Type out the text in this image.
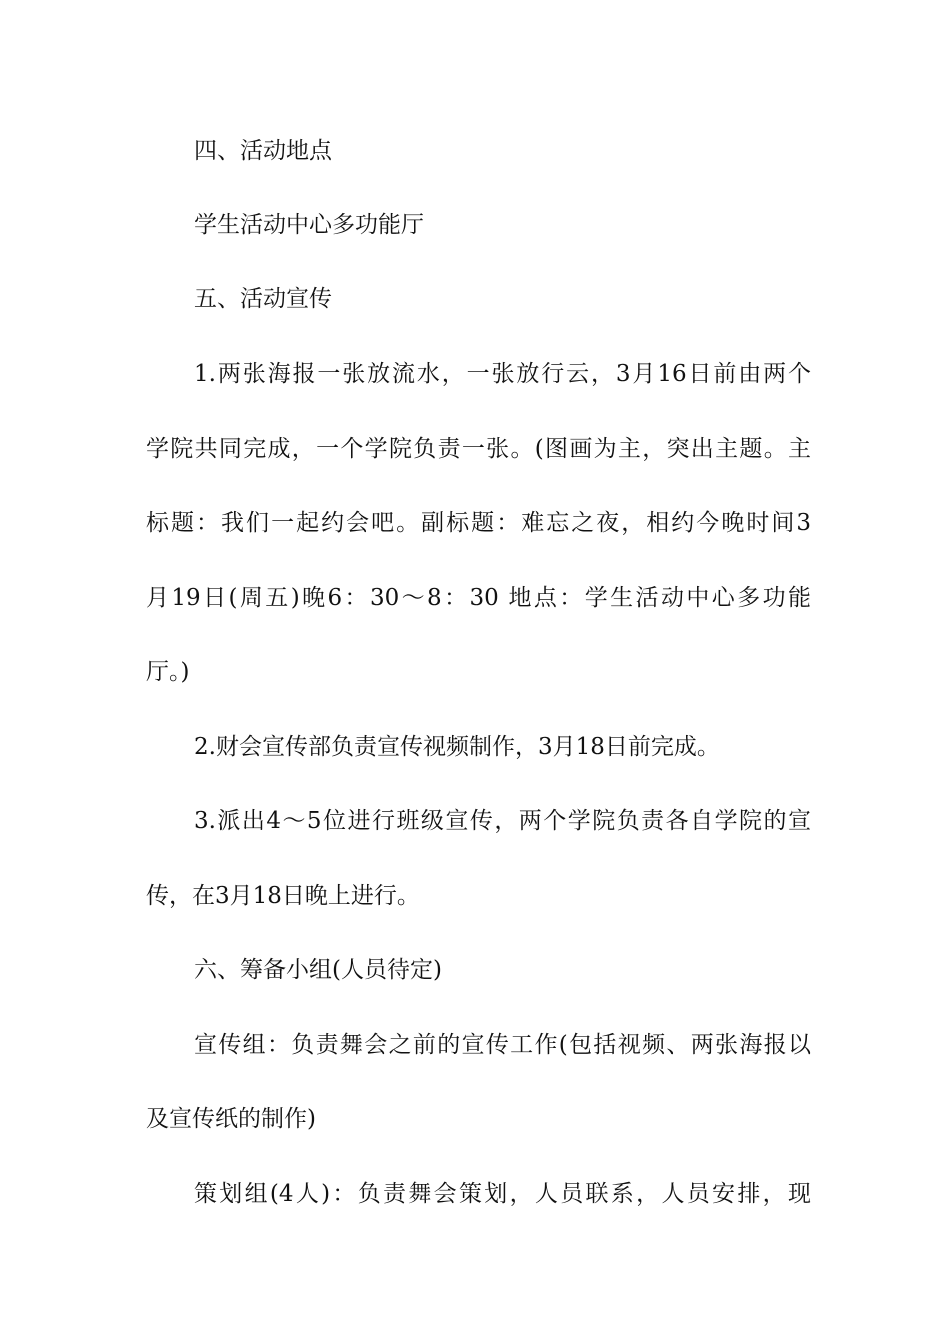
四、活动地点
学生活动中心多功能厅
五、活动宣传
1.两张海报一张放流水，一张放行云，3月16日前由两个
学院共同完成，一个学院负责一张。(图画为主，突出主题。主
标题：我们一起约会吧。副标题：难忘之夜，相约今晚时间3
月19日(周五)晚6：30～8：30 地点：学生活动中心多功能
厅。)
2.财会宣传部负责宣传视频制作，3月18日前完成。
3.派出4～5位进行班级宣传，两个学院负责各自学院的宣
传，在3月18日晚上进行。
六、筹备小组(人员待定)
宣传组：负责舞会之前的宣传工作(包括视频、两张海报以
及宣传纸的制作)
策划组(4人)：负责舞会策划，人员联系，人员安排，现
